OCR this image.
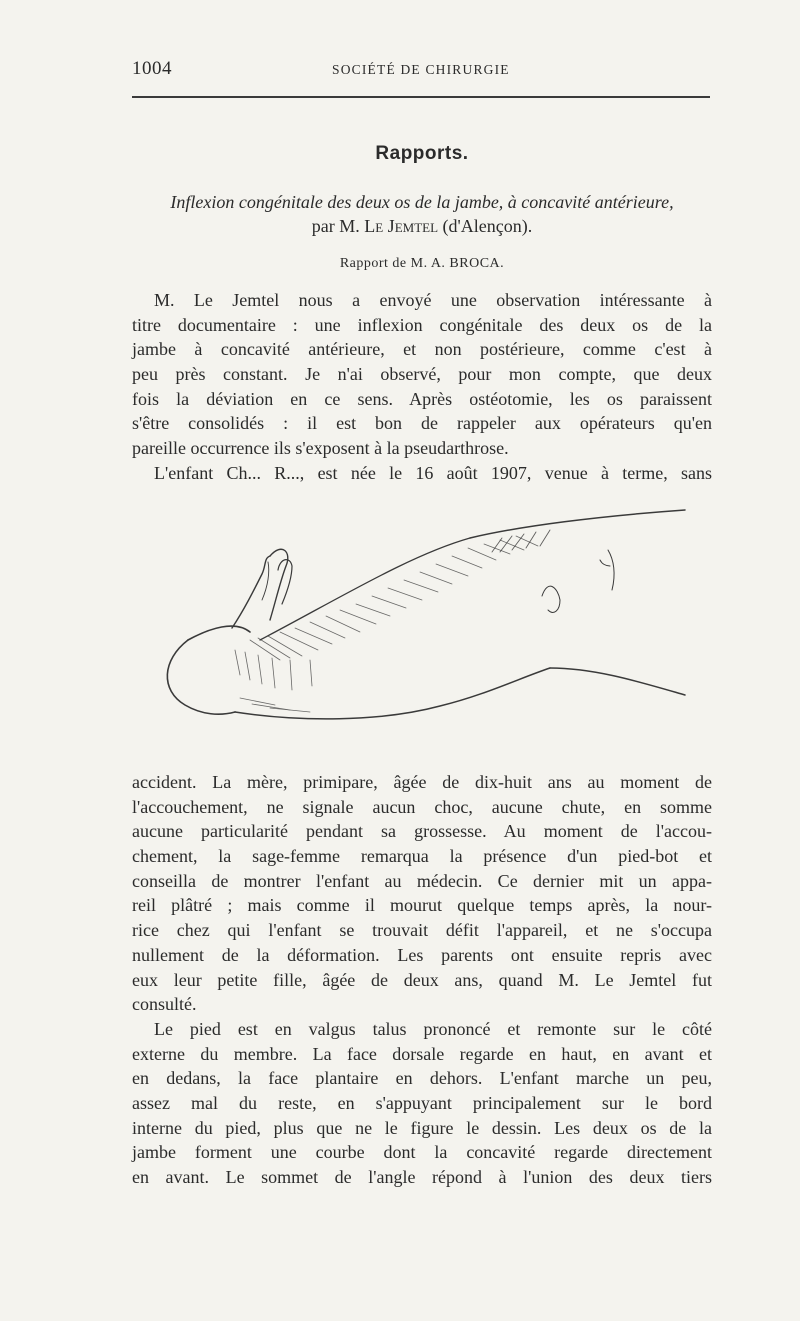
1004	SOCIÉTÉ DE CHIRURGIE
Rapports.
Inflexion congénitale des deux os de la jambe, à concavité antérieure,
par M. Le Jemtel (d'Alençon).
Rapport de M. A. BROCA.
M. Le Jemtel nous a envoyé une observation intéressante à
titre documentaire : une inflexion congénitale des deux os de la
jambe à concavité antérieure, et non postérieure, comme c'est à
peu près constant. Je n'ai observé, pour mon compte, que deux
fois la déviation en ce sens. Après ostéotomie, les os paraissent
s'être consolidés : il est bon de rappeler aux opérateurs qu'en
pareille occurrence ils s'exposent à la pseudarthrose.
L'enfant Ch... R..., est née le 16 août 1907, venue à terme, sans
accident. La mère, primipare, âgée de dix-huit ans au moment de
l'accouchement, ne signale aucun choc, aucune chute, en somme
aucune particularité pendant sa grossesse. Au moment de l'accou-
chement, la sage-femme remarqua la présence d'un pied-bot et
conseilla de montrer l'enfant au médecin. Ce dernier mit un appa-
reil plâtré ; mais comme il mourut quelque temps après, la nour-
rice chez qui l'enfant se trouvait défit l'appareil, et ne s'occupa
nullement de la déformation. Les parents ont ensuite repris avec
eux leur petite fille, âgée de deux ans, quand M. Le Jemtel fut
consulté.
Le pied est en valgus talus prononcé et remonte sur le côté
externe du membre. La face dorsale regarde en haut, en avant et
en dedans, la face plantaire en dehors. L'enfant marche un peu,
assez mal du reste, en s'appuyant principalement sur le bord
interne du pied, plus que ne le figure le dessin. Les deux os de la
jambe forment une courbe dont la concavité regarde directement
en avant. Le sommet de l'angle répond à l'union des deux tiers
